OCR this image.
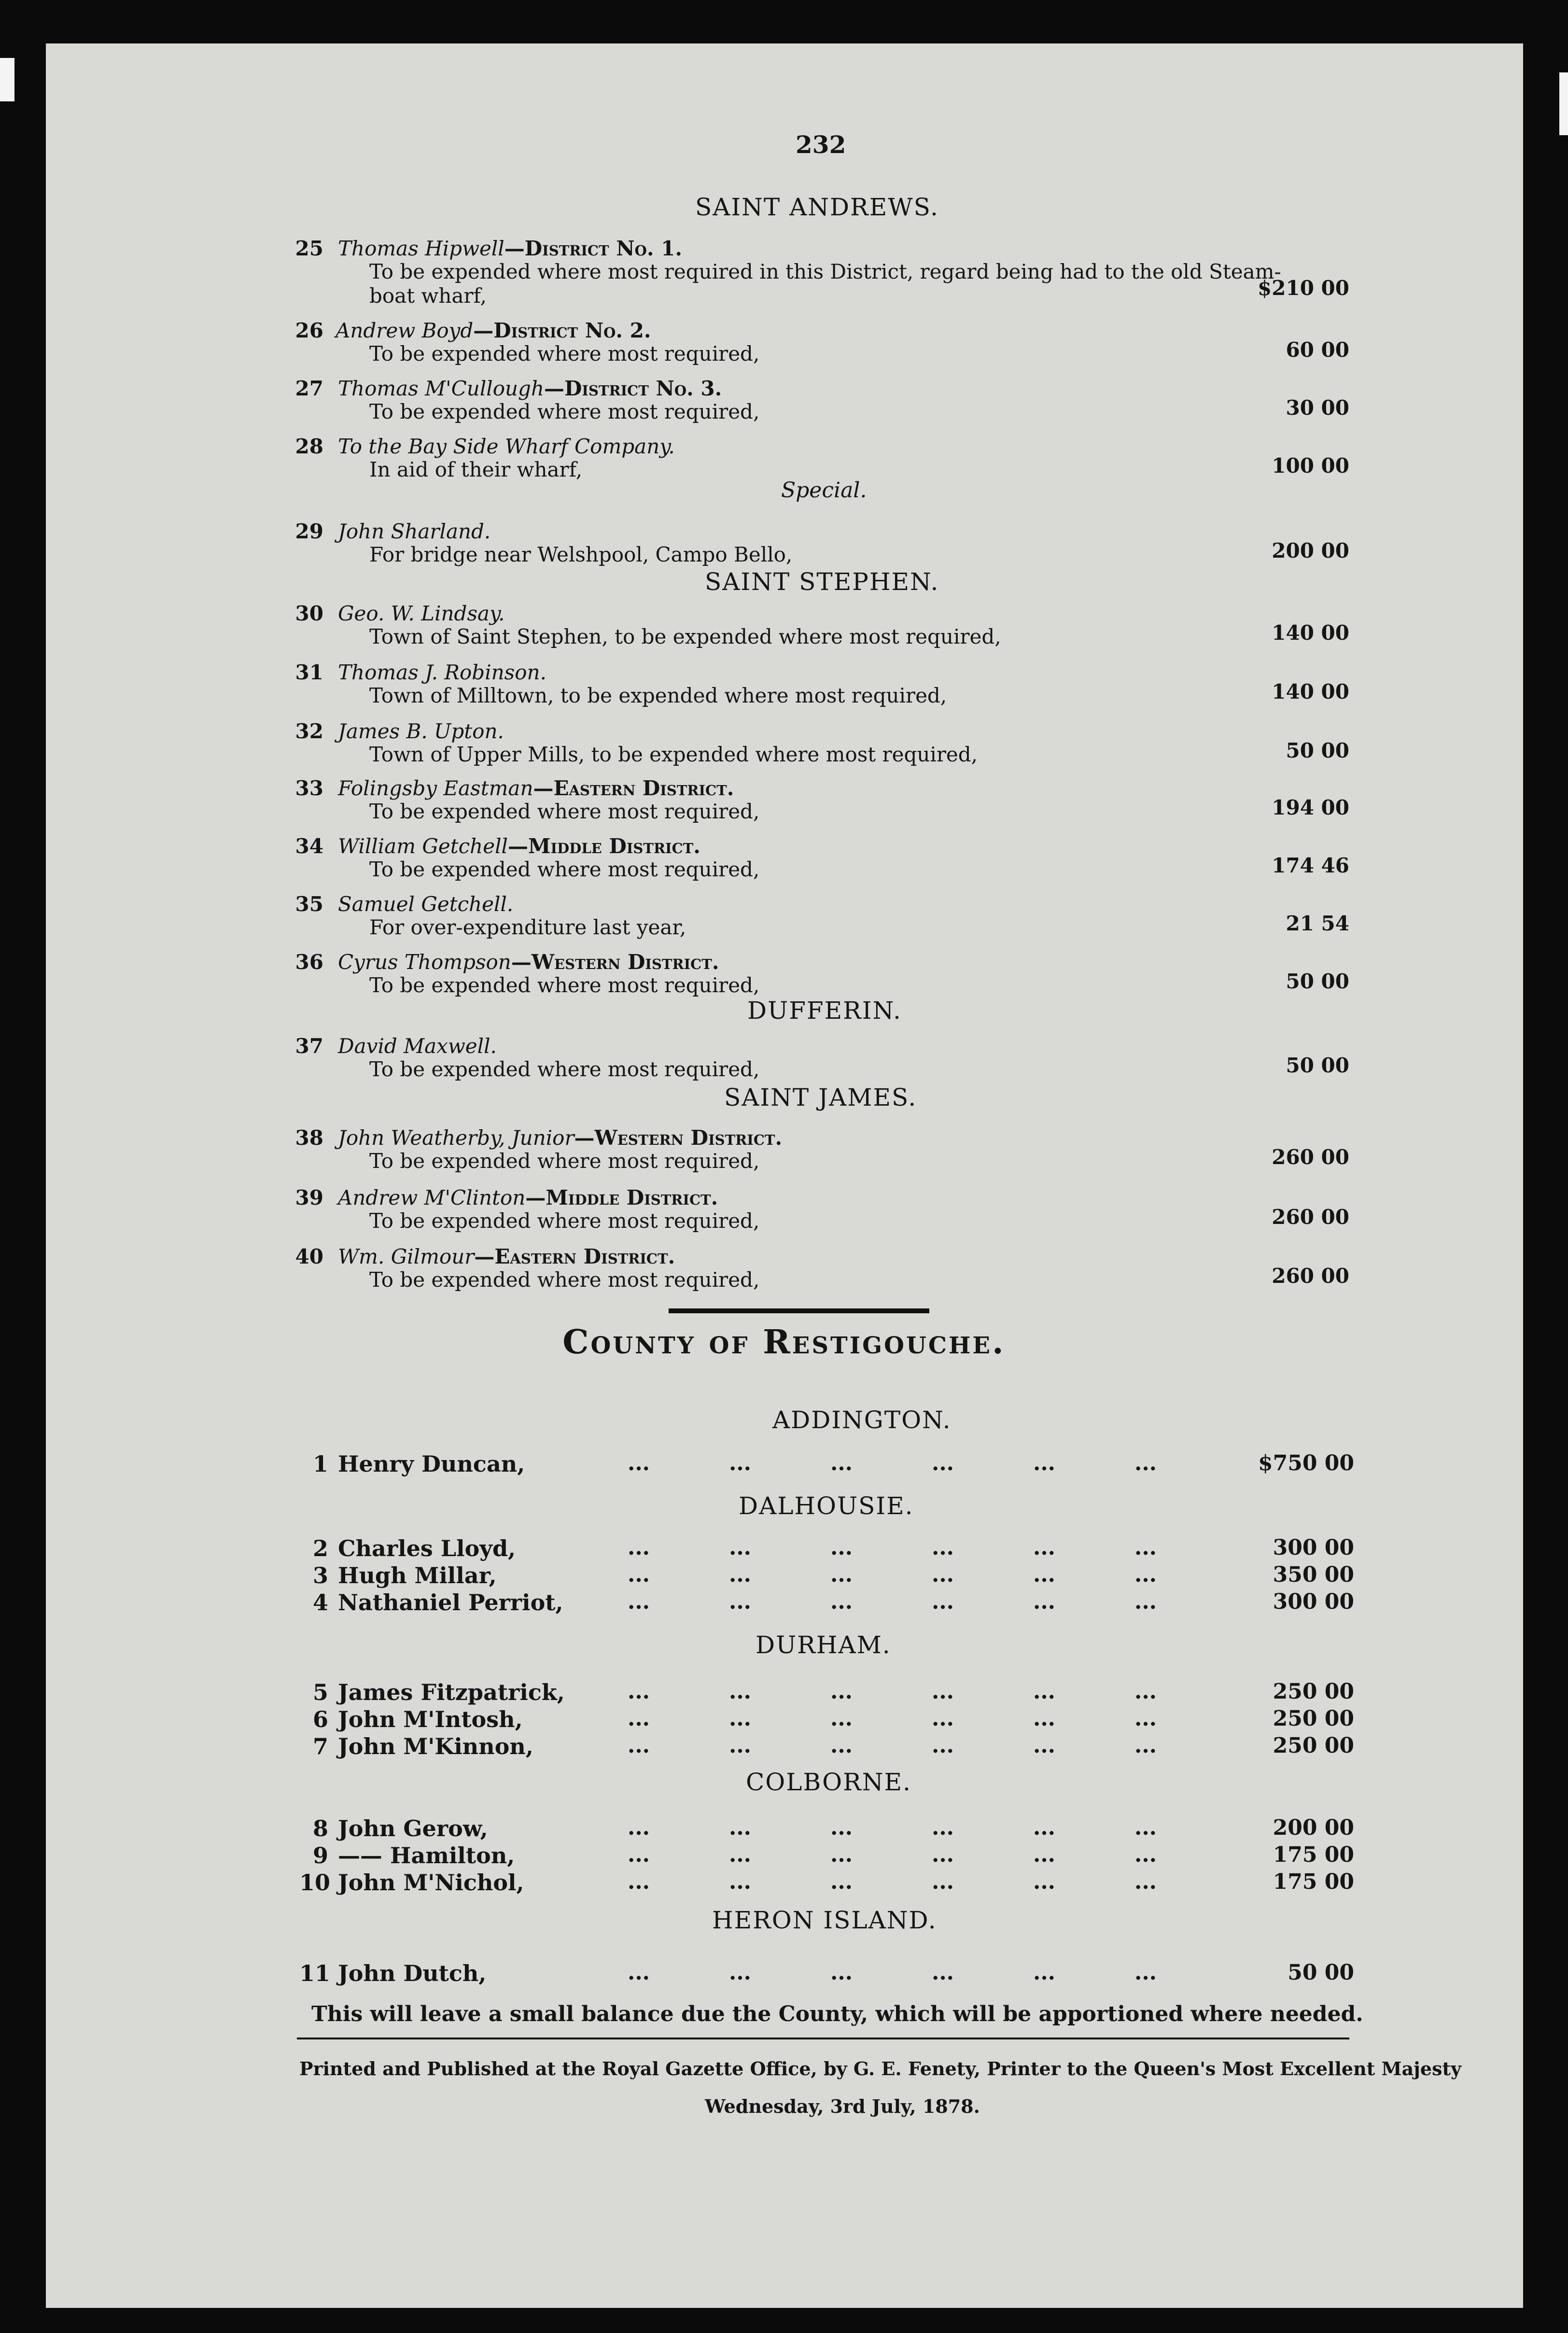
232
SAINT ANDREWS.
25 Thomas Hipwell—District No. 1.
To be expended where most required in this District, regard being had to the old Steam-
boat wharf,	$210 00
26 Andrew Boyd—District No. 2.
To be expended where most required,	60 00
27 Thomas M'Cullough—District No. 3.
To be expended where most required,	30 00
28 To the Bay Side Wharf Company.
In aid of their wharf,	100 00
29 John Sharland.
For bridge near Welshpool, Campo Bello,	200 00
30 Geo. W. Lindsay.
Town of Saint Stephen, to be expended where most required,	140 00
31 Thomas J. Robinson.
Town of Milltown, to be expended where most required,	140 00
32 James B. Upton.
Town of Upper Mills, to be expended where most required,	50 00
33 Folingsby Eastman—Eastern District.
To be expended where most required,	194 00
34 William Getchell—Middle District.
To be expended where most required,	174 46
35 Samuel Getchell.
For over-expenditure last year,	21 54
36 Cyrus Thompson—Western District.
To be expended where most required,	50 00
37 David Maxwell.
To be expended where most required,	50 00
38 John Weatherby, Junior—Western District.
To be expended where most required,	260 00
39 Andrew M'Clinton—Middle District.
To be expended where most required,	260 00
40 Wm. Gilmour—Eastern District.
To be expended where most required,	260 00
Special.
SAINT STEPHEN.
DUFFERIN.
SAINT JAMES.
County of Restigouche.
ADDINGTON.
DALHOUSIE.
DURHAM.
COLBORNE.
HERON ISLAND.
1 Henry Duncan,	...	...	...	...	...	...	$750 00
2 Charles Lloyd,	...	...	...	...	...	...	300 00
3 Hugh Millar,	...	...	...	...	...	...	350 00
4 Nathaniel Perriot,	...	...	...	...	...	...	300 00
5 James Fitzpatrick,	...	...	...	...	...	...	250 00
6 John M'Intosh,	...	...	...	...	...	...	250 00
7 John M'Kinnon,	...	...	...	...	...	...	250 00
8 John Gerow,	...	...	...	...	...	...	200 00
9 —— Hamilton,	...	...	...	...	...	...	175 00
10 John M'Nichol,	...	...	...	...	...	...	175 00
11 John Dutch,	...	...	...	...	...	...	50 00
This will leave a small balance due the County, which will be apportioned where needed.
Printed and Published at the Royal Gazette Office, by G. E. Fenety, Printer to the Queen's Most Excellent Majesty
Wednesday, 3rd July, 1878.
